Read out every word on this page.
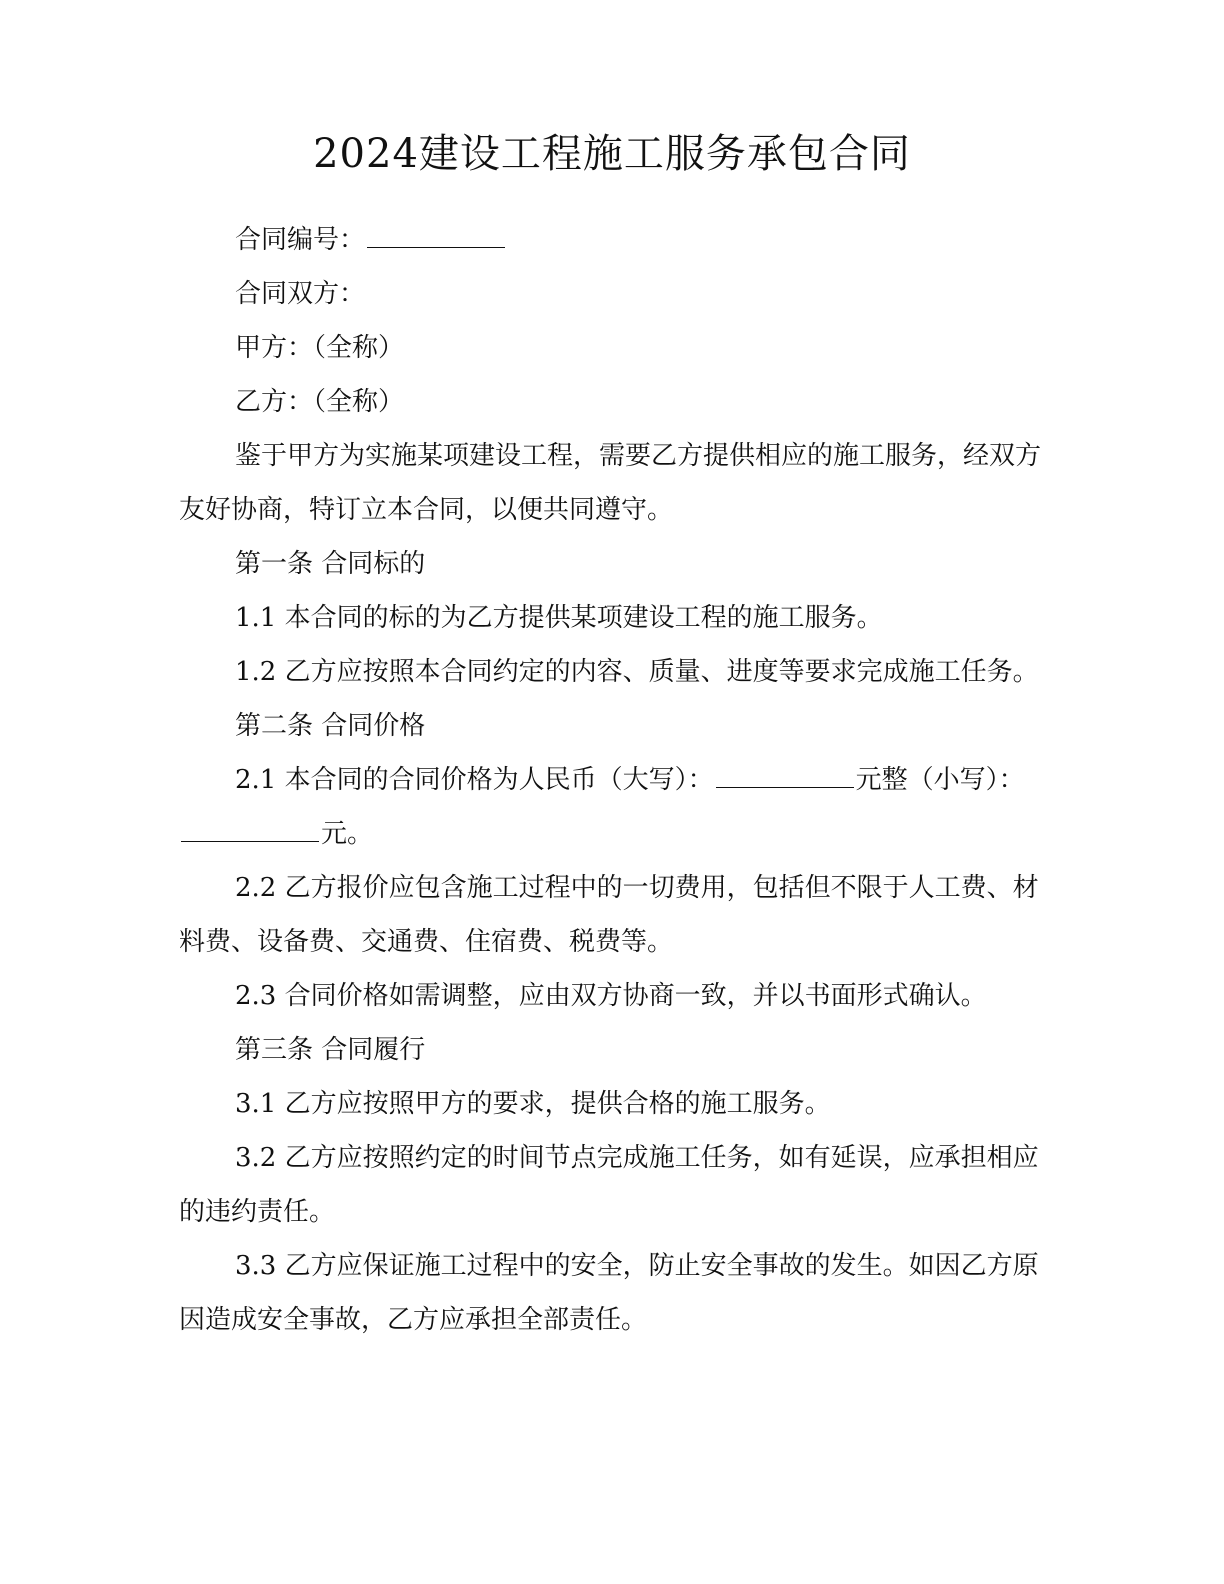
2024建设工程施工服务承包合同

合同编号：

合同双方：

甲方：（全称）

乙方：（全称）

鉴于甲方为实施某项建设工程，需要乙方提供相应的施工服务，经双方友好协商，特订立本合同，以便共同遵守。

第一条 合同标的

1.1 本合同的标的为乙方提供某项建设工程的施工服务。

1.2 乙方应按照本合同约定的内容、质量、进度等要求完成施工任务。

第二条 合同价格

2.1 本合同的合同价格为人民币（大写）：	元整（小写）：元。

2.2 乙方报价应包含施工过程中的一切费用，包括但不限于人工费、材料费、设备费、交通费、住宿费、税费等。

2.3 合同价格如需调整，应由双方协商一致，并以书面形式确认。

第三条 合同履行

3.1 乙方应按照甲方的要求，提供合格的施工服务。

3.2 乙方应按照约定的时间节点完成施工任务，如有延误，应承担相应的违约责任。

3.3 乙方应保证施工过程中的安全，防止安全事故的发生。如因乙方原因造成安全事故，乙方应承担全部责任。
